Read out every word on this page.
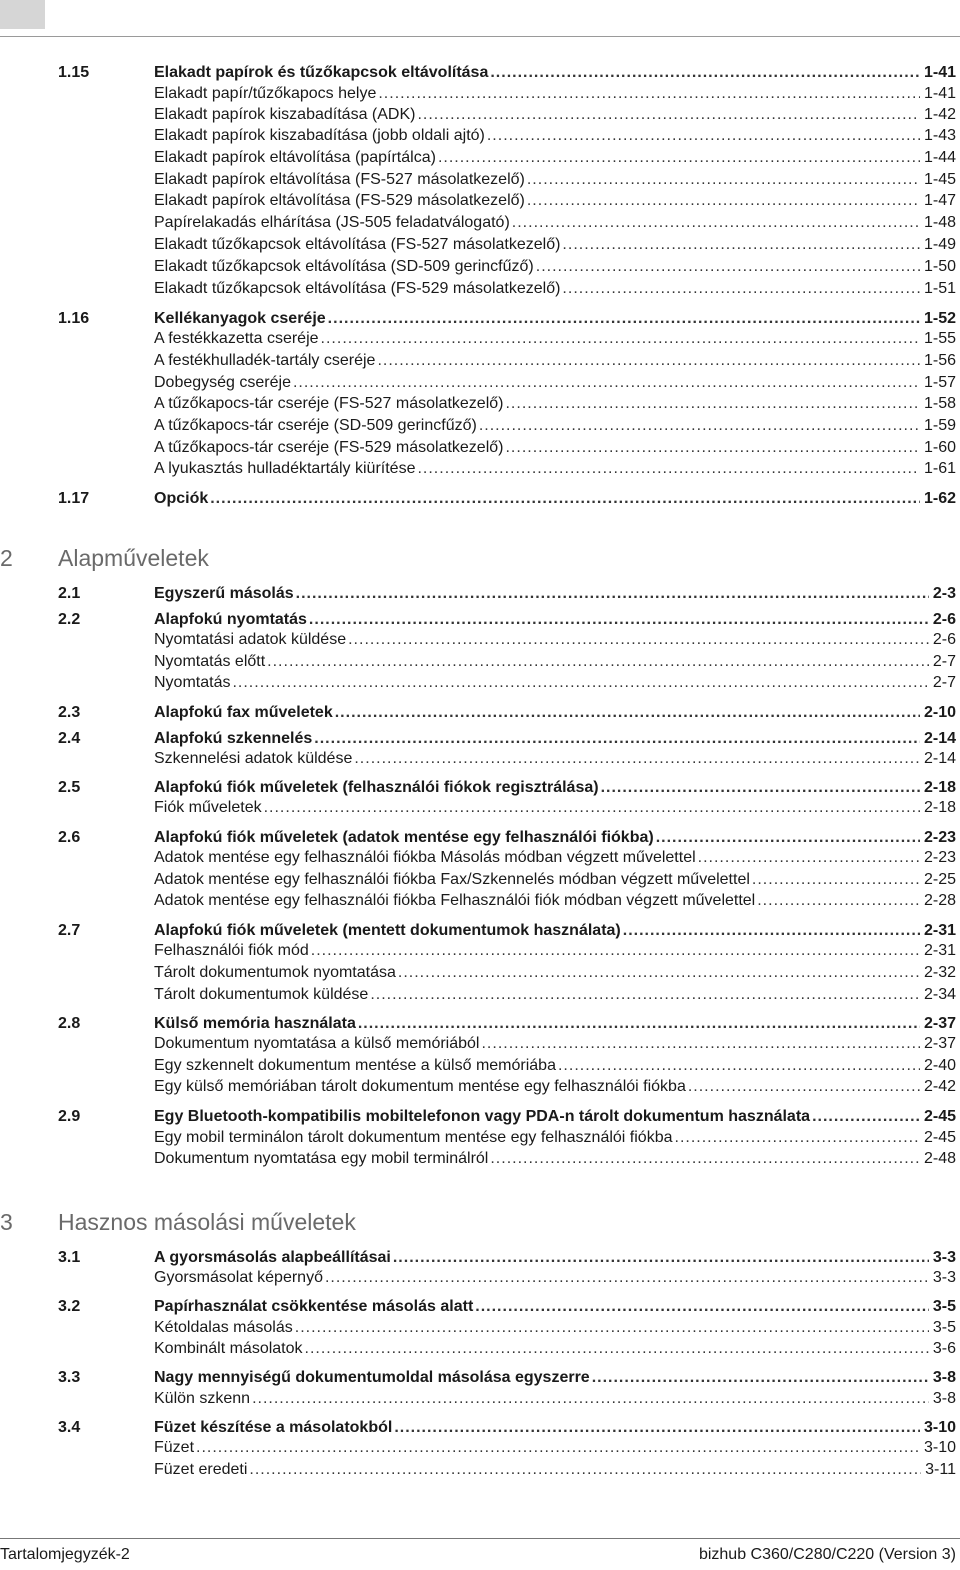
1.15	Elakadt papírok és tűzőkapcsok eltávolítása .....	1-41
Elakadt papír/tűzőkapocs helye .....	1-41
Elakadt papírok kiszabadítása (ADK) .....	1-42
Elakadt papírok kiszabadítása (jobb oldali ajtó) .....	1-43
Elakadt papírok eltávolítása (papírtálca) .....	1-44
Elakadt papírok eltávolítása (FS-527 másolatkezelő) .....	1-45
Elakadt papírok eltávolítása (FS-529 másolatkezelő) .....	1-47
Papírelakadás elhárítása (JS-505 feladatválogató) .....	1-48
Elakadt tűzőkapcsok eltávolítása (FS-527 másolatkezelő) .....	1-49
Elakadt tűzőkapcsok eltávolítása (SD-509 gerincfűző) .....	1-50
Elakadt tűzőkapcsok eltávolítása (FS-529 másolatkezelő) .....	1-51
1.16	Kellékanyagok cseréje .....	1-52
A festékkazetta cseréje .....	1-55
A festékhulladék-tartály cseréje .....	1-56
Dobegység cseréje .....	1-57
A tűzőkapocs-tár cseréje (FS-527 másolatkezelő) .....	1-58
A tűzőkapocs-tár cseréje (SD-509 gerincfűző) .....	1-59
A tűzőkapocs-tár cseréje (FS-529 másolatkezelő) .....	1-60
A lyukasztás hulladéktartály kiürítése .....	1-61
1.17	Opciók .....	1-62
2 Alapműveletek
2.1	Egyszerű másolás .....	2-3
2.2	Alapfokú nyomtatás .....	2-6
Nyomtatási adatok küldése .....	2-6
Nyomtatás előtt .....	2-7
Nyomtatás .....	2-7
2.3	Alapfokú fax műveletek .....	2-10
2.4	Alapfokú szkennelés .....	2-14
Szkennelési adatok küldése .....	2-14
2.5	Alapfokú fiók műveletek (felhasználói fiókok regisztrálása) .....	2-18
Fiók műveletek .....	2-18
2.6	Alapfokú fiók műveletek (adatok mentése egy felhasználói fiókba) .....	2-23
Adatok mentése egy felhasználói fiókba Másolás módban végzett művelettel .....	2-23
Adatok mentése egy felhasználói fiókba Fax/Szkennelés módban végzett művelettel .....	2-25
Adatok mentése egy felhasználói fiókba Felhasználói fiók módban végzett művelettel .....	2-28
2.7	Alapfokú fiók műveletek (mentett dokumentumok használata) .....	2-31
Felhasználói fiók mód .....	2-31
Tárolt dokumentumok nyomtatása .....	2-32
Tárolt dokumentumok küldése .....	2-34
2.8	Külső memória használata .....	2-37
Dokumentum nyomtatása a külső memóriából .....	2-37
Egy szkennelt dokumentum mentése a külső memóriába .....	2-40
Egy külső memóriában tárolt dokumentum mentése egy felhasználói fiókba .....	2-42
2.9	Egy Bluetooth-kompatibilis mobiltelefonon vagy PDA-n tárolt dokumentum használata .....	2-45
Egy mobil terminálon tárolt dokumentum mentése egy felhasználói fiókba .....	2-45
Dokumentum nyomtatása egy mobil terminálról .....	2-48
3 Hasznos másolási műveletek
3.1	A gyorsmásolás alapbeállításai .....	3-3
Gyorsmásolat képernyő .....	3-3
3.2	Papírhasználat csökkentése másolás alatt .....	3-5
Kétoldalas másolás .....	3-5
Kombinált másolatok .....	3-6
3.3	Nagy mennyiségű dokumentumoldal másolása egyszerre .....	3-8
Külön szkenn .....	3-8
3.4	Füzet készítése a másolatokból .....	3-10
Füzet .....	3-10
Füzet eredeti .....	3-11
Tartalomjegyzék-2	bizhub C360/C280/C220 (Version 3)
